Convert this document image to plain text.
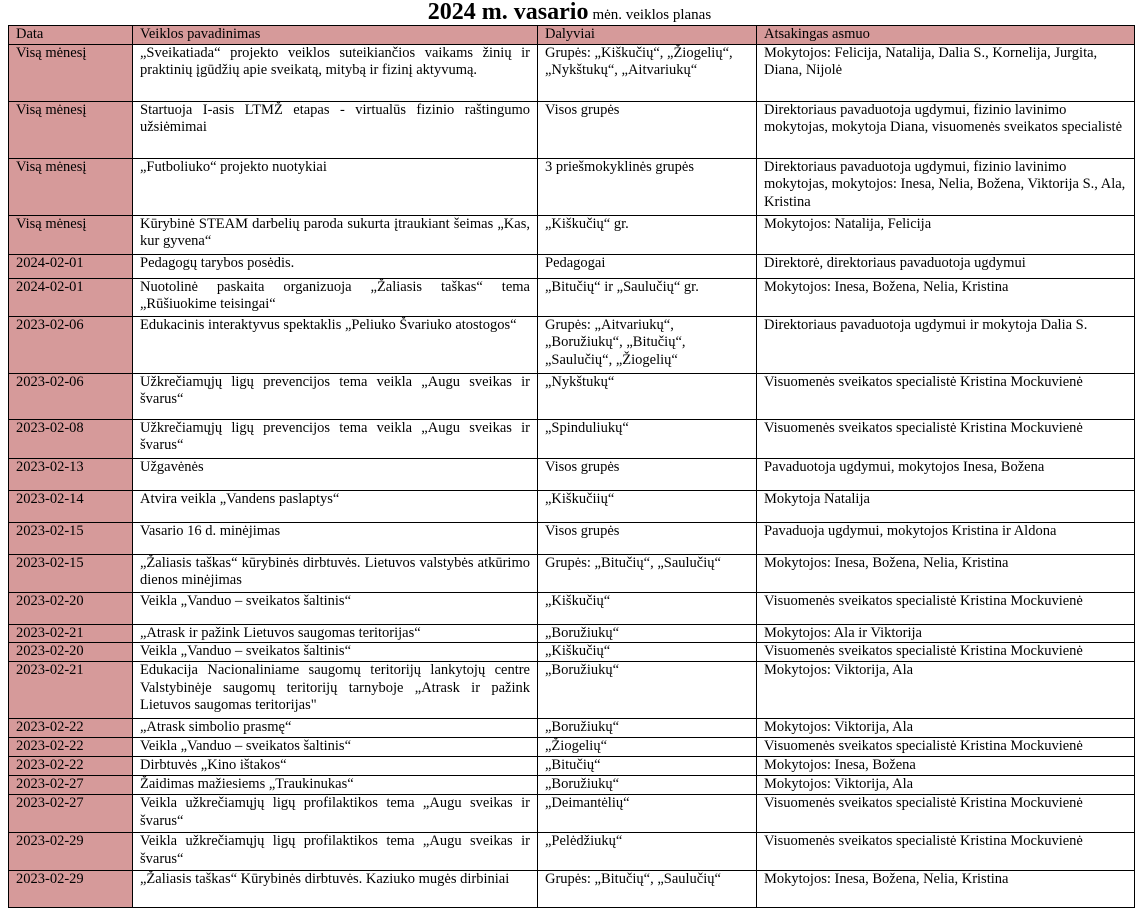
2024 m. vasario mėn. veiklos planas
Data	Veiklos pavadinimas	Dalyviai	Atsakingas asmuo
Visą mėnesį	„Sveikatiada“ projekto veiklos suteikiančios vaikams žinių ir praktinių įgūdžių apie sveikatą, mitybą ir fizinį aktyvumą.	Grupės: „Kiškučių“, „Žiogelių“, „Nykštukų“, „Aitvariukų“	Mokytojos: Felicija, Natalija, Dalia S., Kornelija, Jurgita, Diana, Nijolė
Visą mėnesį	Startuoja I-asis LTMŽ etapas - virtualūs fizinio raštingumo užsiėmimai	Visos grupės	Direktoriaus pavaduotoja ugdymui, fizinio lavinimo mokytojas, mokytoja Diana, visuomenės sveikatos specialistė
Visą mėnesį	„Futboliuko“ projekto nuotykiai	3 priešmokyklinės grupės	Direktoriaus pavaduotoja ugdymui, fizinio lavinimo mokytojas, mokytojos: Inesa, Nelia, Božena, Viktorija S., Ala, Kristina
Visą mėnesį	Kūrybinė STEAM darbelių paroda sukurta įtraukiant šeimas „Kas, kur gyvena“	„Kiškučių“ gr.	Mokytojos: Natalija, Felicija
2024-02-01	Pedagogų tarybos posėdis.	Pedagogai	Direktorė, direktoriaus pavaduotoja ugdymui
2024-02-01	Nuotolinė paskaita organizuoja „Žaliasis taškas“ tema „Rūšiuokime teisingai“	„Bitučių“ ir „Saulučių“ gr.	Mokytojos: Inesa, Božena, Nelia, Kristina
2023-02-06	Edukacinis interaktyvus spektaklis „Peliuko Švariuko atostogos“	Grupės: „Aitvariukų“, „Boružiukų“, „Bitučių“, „Saulučių“, „Žiogelių“	Direktoriaus pavaduotoja ugdymui ir mokytoja Dalia S.
2023-02-06	Užkrečiamųjų ligų prevencijos tema veikla „Augu sveikas ir švarus“	„Nykštukų“	Visuomenės sveikatos specialistė Kristina Mockuvienė
2023-02-08	Užkrečiamųjų ligų prevencijos tema veikla „Augu sveikas ir švarus“	„Spinduliukų“	Visuomenės sveikatos specialistė Kristina Mockuvienė
2023-02-13	Užgavėnės	Visos grupės	Pavaduotoja ugdymui, mokytojos Inesa, Božena
2023-02-14	Atvira veikla „Vandens paslaptys“	„Kiškučiių“	Mokytoja Natalija
2023-02-15	Vasario 16 d. minėjimas	Visos grupės	Pavaduoja ugdymui, mokytojos Kristina ir Aldona
2023-02-15	„Žaliasis taškas“ kūrybinės dirbtuvės. Lietuvos valstybės atkūrimo dienos minėjimas	Grupės: „Bitučių“, „Saulučių“	Mokytojos: Inesa, Božena, Nelia, Kristina
2023-02-20	Veikla „Vanduo – sveikatos šaltinis“	„Kiškučių“	Visuomenės sveikatos specialistė Kristina Mockuvienė
2023-02-21	„Atrask ir pažink Lietuvos saugomas teritorijas“	„Boružiukų“	Mokytojos: Ala ir Viktorija
2023-02-20	Veikla „Vanduo – sveikatos šaltinis“	„Kiškučių“	Visuomenės sveikatos specialistė Kristina Mockuvienė
2023-02-21	Edukacija Nacionaliniame saugomų teritorijų lankytojų centre Valstybinėje saugomų teritorijų tarnyboje „Atrask ir pažink Lietuvos saugomas teritorijas"	„Boružiukų“	Mokytojos: Viktorija, Ala
2023-02-22	„Atrask simbolio prasmę“	„Boružiukų“	Mokytojos: Viktorija, Ala
2023-02-22	Veikla „Vanduo – sveikatos šaltinis“	„Žiogelių“	Visuomenės sveikatos specialistė Kristina Mockuvienė
2023-02-22	Dirbtuvės „Kino ištakos“	„Bitučių“	Mokytojos: Inesa, Božena
2023-02-27	Žaidimas mažiesiems „Traukinukas“	„Boružiukų“	Mokytojos: Viktorija, Ala
2023-02-27	Veikla užkrečiamųjų ligų profilaktikos tema „Augu sveikas ir švarus“	„Deimantėlių“	Visuomenės sveikatos specialistė Kristina Mockuvienė
2023-02-29	Veikla užkrečiamųjų ligų profilaktikos tema „Augu sveikas ir švarus“	„Pelėdžiukų“	Visuomenės sveikatos specialistė Kristina Mockuvienė
2023-02-29	„Žaliasis taškas“ Kūrybinės dirbtuvės. Kaziuko mugės dirbiniai	Grupės: „Bitučių“, „Saulučių“	Mokytojos: Inesa, Božena, Nelia, Kristina
